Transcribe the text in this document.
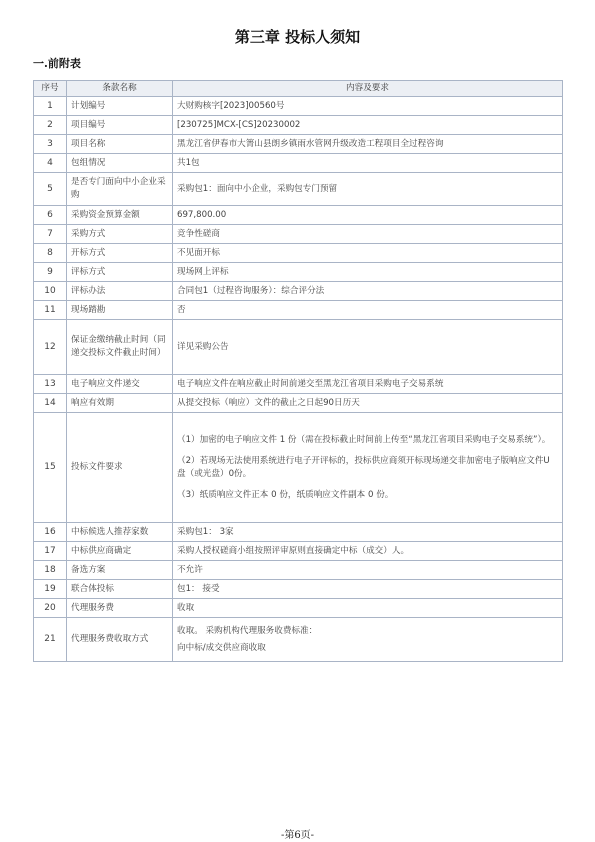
第三章 投标人须知
一.前附表
序号	条款名称	内容及要求
1	计划编号	大财购核字[2023]00560号

2	项目编号	[230725]MCX-[CS]20230002

3	项目名称	黑龙江省伊春市大箐山县朗乡镇雨水管网升级改造工程项目全过程咨询

4	包组情况	共1包

5	是否专门面向中小企业采购	采购包1：面向中小企业，采购包专门预留

6	采购资金预算金额	697,800.00

7	采购方式	竞争性磋商

8	开标方式	不见面开标

9	评标方式	现场网上评标

10	评标办法	合同包1（过程咨询服务）：综合评分法

11	现场踏勘	否

12	保证金缴纳截止时间（同递交投标文件截止时间）	详见采购公告

13	电子响应文件递交	电子响应文件在响应截止时间前递交至黑龙江省项目采购电子交易系统

14	响应有效期	从提交投标（响应）文件的截止之日起90日历天

15	投标文件要求	（1）加密的电子响应文件 1 份（需在投标截止时间前上传至“黑龙江省项目采购电子交易系统”）。

（2）若现场无法使用系统进行电子开评标的，投标供应商须开标现场递交非加密电子版响应文件U盘（或光盘）0份。

（3）纸质响应文件正本 0 份，纸质响应文件副本 0 份。

16	中标候选人推荐家数	采购包1： 3家

17	中标供应商确定	采购人授权磋商小组按照评审原则直接确定中标（成交）人。

18	备选方案	不允许

19	联合体投标	包1： 接受

20	代理服务费	收取

21	代理服务费收取方式	收取。 采购机构代理服务收费标准：

向中标/成交供应商收取

-第6页-
